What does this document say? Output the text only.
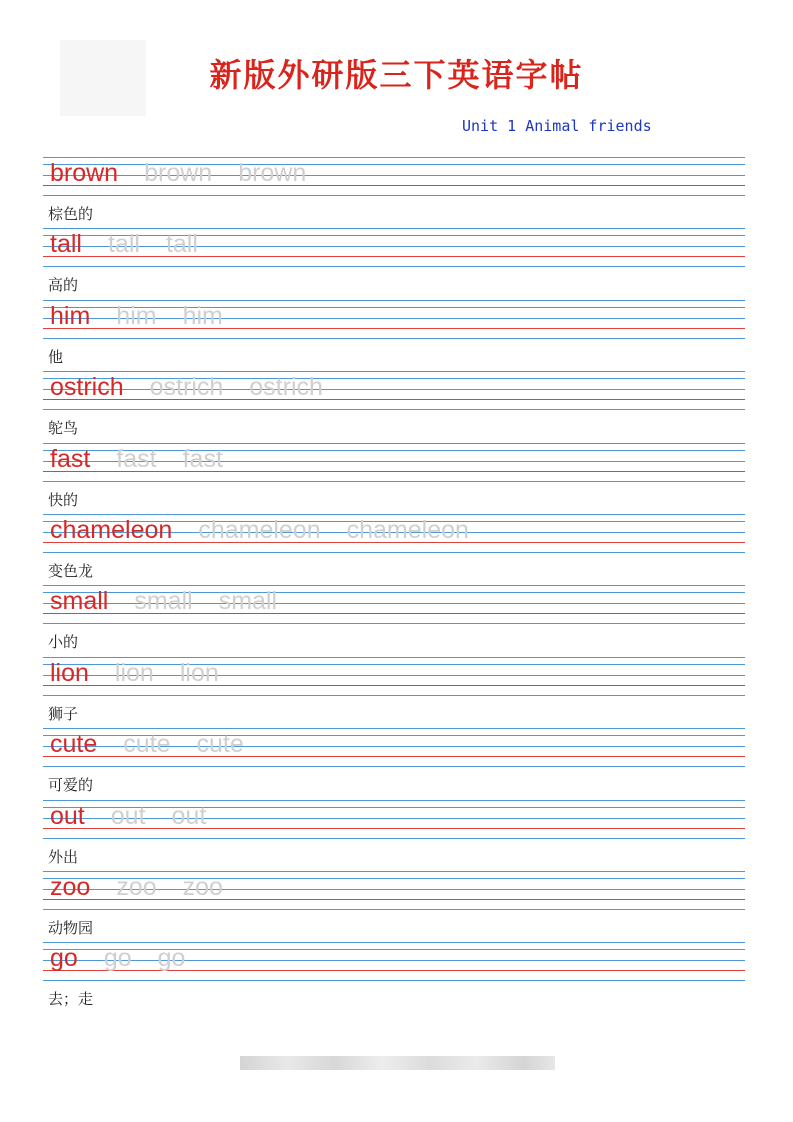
新版外研版三下英语字帖
Unit 1 Animal friends
brown brown brown
棕色的
tall tall tall
高的
him him him
他
ostrich ostrich ostrich
鸵鸟
fast fast fast
快的
chameleon chameleon chameleon
变色龙
small small small
小的
lion lion lion
狮子
cute cute cute
可爱的
out out out
外出
zoo zoo zoo
动物园
go go go
去；走
